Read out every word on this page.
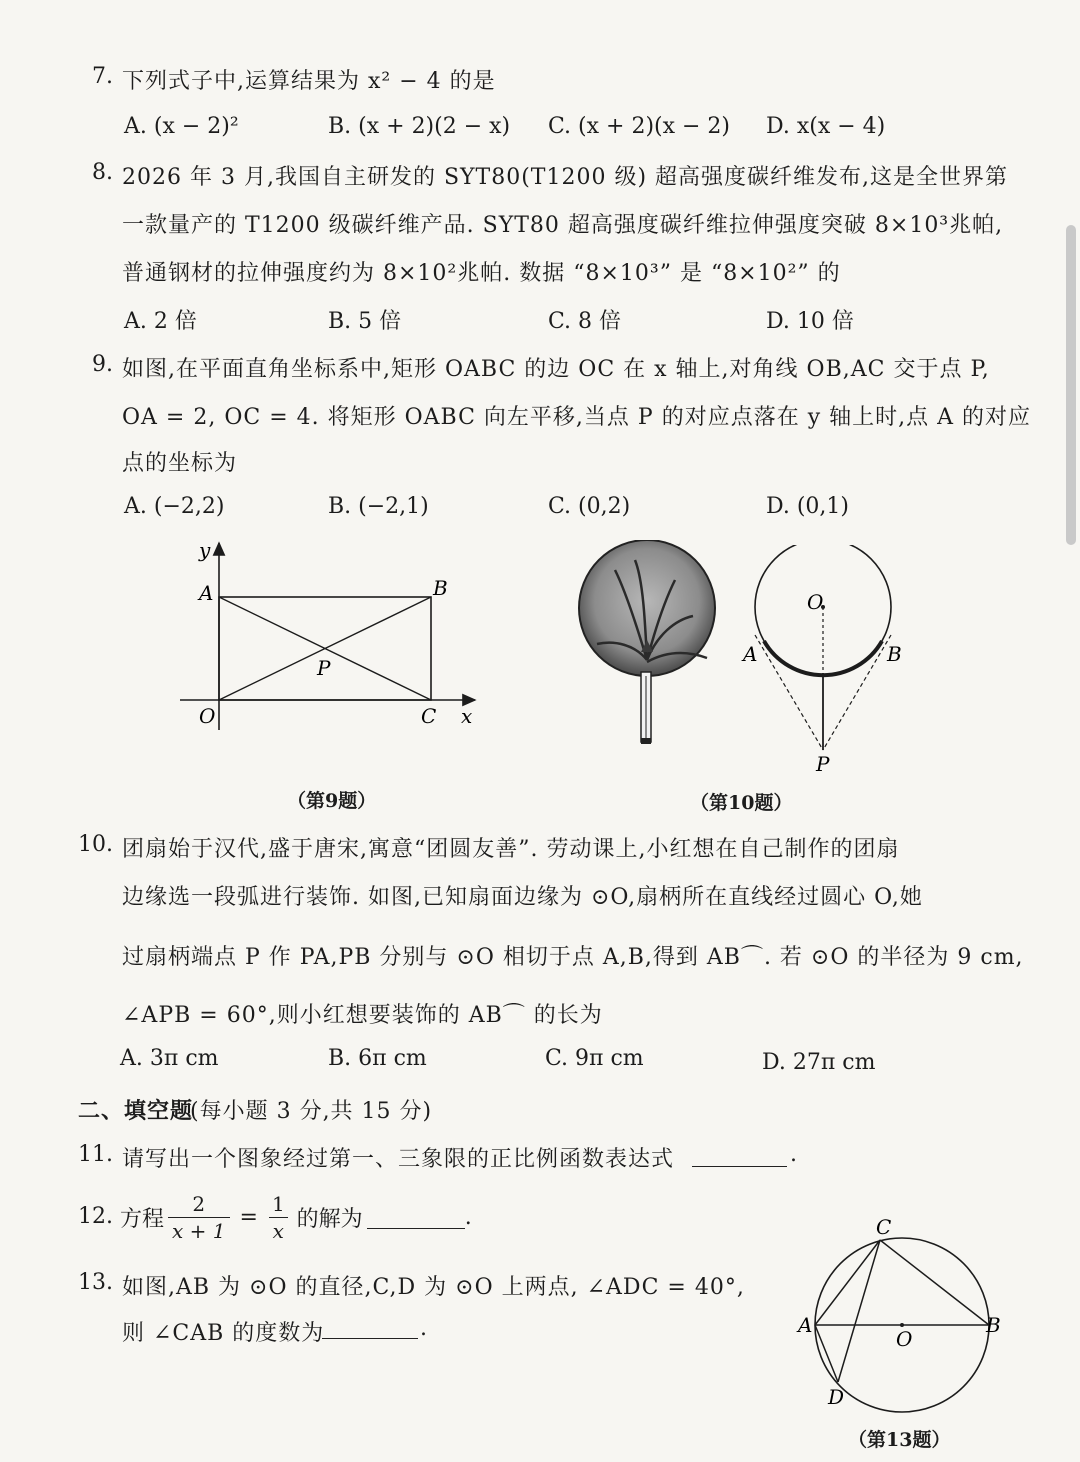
7. 下列式子中,运算结果为 x² − 4 的是
A. (x − 2)²	B. (x + 2)(2 − x) C. (x + 2)(x − 2) D. x(x − 4)
8. 2026 年 3 月,我国自主研发的 SYT80(T1200 级) 超高强度碳纤维发布,这是全世界第
一款量产的 T1200 级碳纤维产品. SYT80 超高强度碳纤维拉伸强度突破 8×10³兆帕,
普通钢材的拉伸强度约为 8×10²兆帕. 数据 “8×10³” 是 “8×10²” 的
A. 2 倍	B. 5 倍	C. 8 倍	D. 10 倍
9. 如图,在平面直角坐标系中,矩形 OABC 的边 OC 在 x 轴上,对角线 OB,AC 交于点 P,
OA = 2, OC = 4. 将矩形 OABC 向左平移,当点 P 的对应点落在 y 轴上时,点 A 的对应
点的坐标为
A. (−2,2)	B. (−2,1)	C. (0,2)	D. (0,1)
y
A	B
P
O	C x
（第9题）
O
A	B
P
（第10题）
10. 团扇始于汉代,盛于唐宋,寓意“团圆友善”. 劳动课上,小红想在自己制作的团扇
边缘选一段弧进行装饰. 如图,已知扇面边缘为 ⊙O,扇柄所在直线经过圆心 O,她
过扇柄端点 P 作 PA,PB 分别与 ⊙O 相切于点 A,B,得到 AB⌒. 若 ⊙O 的半径为 9 cm,
∠APB = 60°,则小红想要装饰的 AB⌒ 的长为
A. 3π cm	B. 6π cm	C. 9π cm	D. 27π cm
二、填空题
(每小题 3 分,共 15 分)
11. 请写出一个图象经过第一、三象限的正比例函数表达式	.
12. 方程 $\frac{2}{x + 1} = \frac{1}{x}$ 的解为	.
13. 如图,AB 为 ⊙O 的直径,C,D 为 ⊙O 上两点, ∠ADC = 40°,
则 ∠CAB 的度数为	.
C
A	B
O
D
（第13题）
